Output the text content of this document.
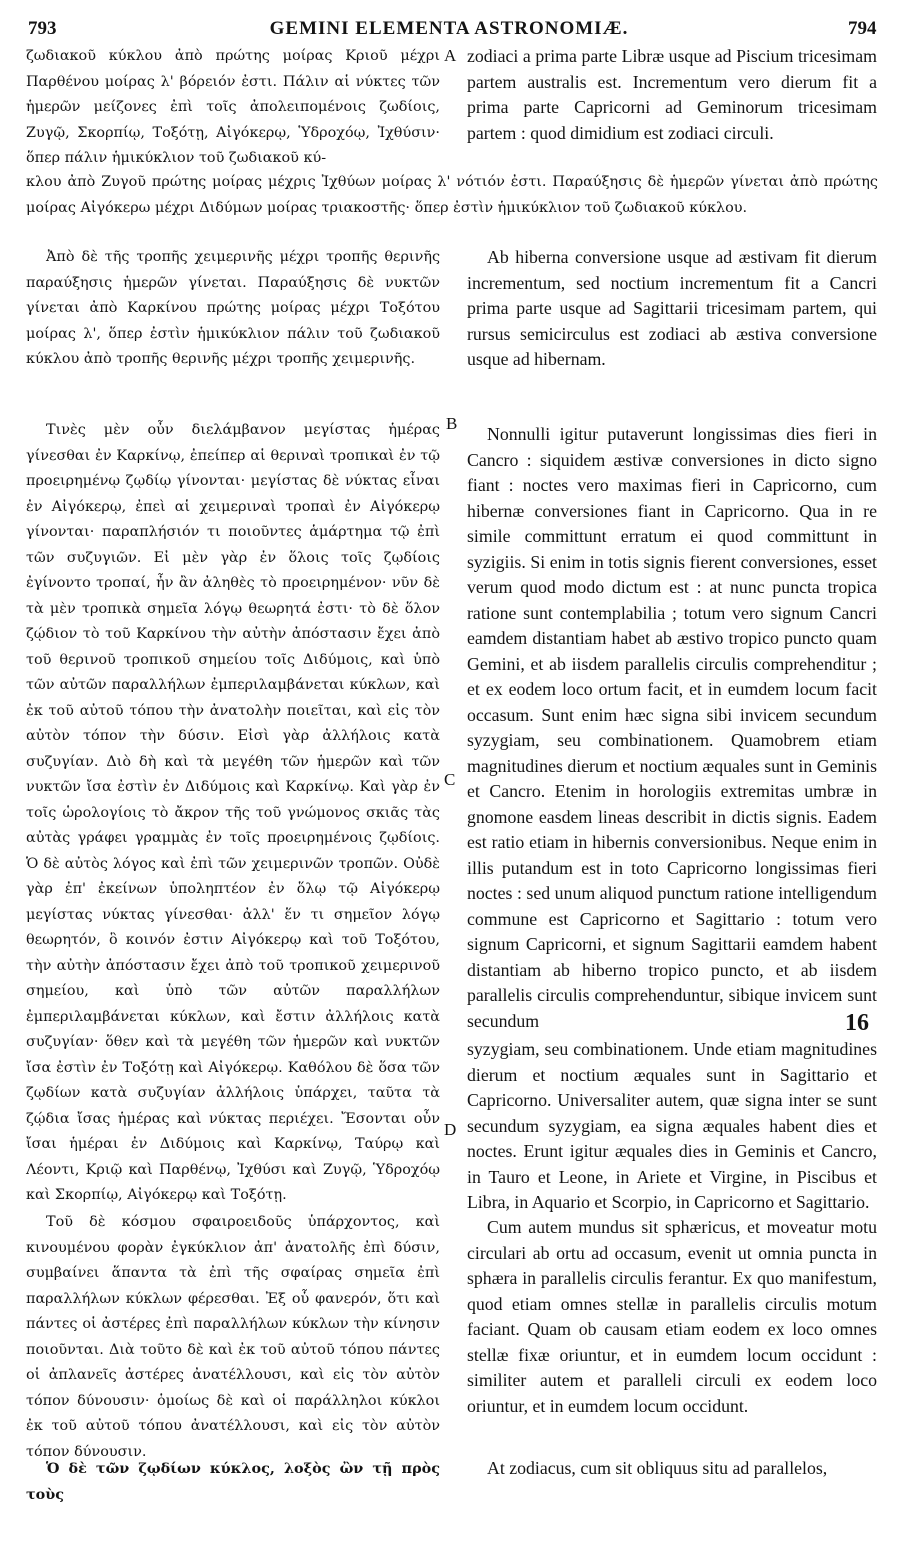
793	GEMINI ELEMENTA ASTRONOMIÆ.	794
ζωδιακοῦ κύκλου ἀπὸ πρώτης μοίρας Κριοῦ μέχρι Παρθένου μοίρας λ' βόρειόν ἐστι. Πάλιν αἱ νύκτες τῶν ἡμερῶν μείζονες ἐπὶ τοῖς ἀπολειπομένοις ζωδίοις, Ζυγῷ, Σκορπίῳ, Τοξότῃ, Αἰγόκερῳ, Ὑδροχόῳ, Ἰχθύσιν· ὅπερ πάλιν ἡμικύκλιον τοῦ ζωδιακοῦ κύ-
A zodiaci a prima parte Libræ usque ad Piscium tricesimam partem australis est. Incrementum vero dierum fit a prima parte Capricorni ad Geminorum tricesimam partem : quod dimidium est zodiaci circuli.
κλου ἀπὸ Ζυγοῦ πρώτης μοίρας μέχρις Ἰχθύων μοίρας λ' νότιόν ἐστι. Παραύξησις δὲ ἡμερῶν γίνεται ἀπὸ πρώτης μοίρας Αἰγόκερω μέχρι Διδύμων μοίρας τριακοστῆς· ὅπερ ἐστὶν ἡμικύκλιον τοῦ ζωδιακοῦ κύκλου.
Ἀπὸ δὲ τῆς τροπῆς χειμερινῆς μέχρι τροπῆς θερινῆς παραύξησις ἡμερῶν γίνεται. Παραύξησις δὲ νυκτῶν γίνεται ἀπὸ Καρκίνου πρώτης μοίρας μέχρι Τοξότου μοίρας λ', ὅπερ ἐστὶν ἡμικύκλιον πάλιν τοῦ ζωδιακοῦ κύκλου ἀπὸ τροπῆς θερινῆς μέχρι τροπῆς χειμερινῆς.
Ab hiberna conversione usque ad æstivam fit dierum incrementum, sed noctium incrementum fit a Cancri prima parte usque ad Sagittarii tricesimam partem, qui rursus semicirculus est zodiaci ab æstiva conversione usque ad hibernam.
Τινὲς μὲν οὖν διελάμβανον μεγίστας ἡμέρας γίνεσθαι ἐν Καρκίνῳ, ἐπείπερ αἱ θεριναὶ τροπικαὶ ἐν τῷ προειρημένῳ ζῳδίῳ γίνονται· μεγίστας δὲ νύκτας εἶναι ἐν Αἰγόκερῳ, ἐπεὶ αἱ χειμεριναὶ τροπαὶ ἐν Αἰγόκερῳ γίνονται· παραπλήσιόν τι ποιοῦντες ἁμάρτημα τῷ ἐπὶ τῶν συζυγιῶν. Εἰ μὲν γὰρ ἐν ὅλοις τοῖς ζῳδίοις ἐγίνοντο τροπαί, ἦν ἂν ἀληθὲς τὸ προειρημένον· νῦν δὲ τὰ μὲν τροπικὰ σημεῖα λόγῳ θεωρητά ἐστι· τὸ δὲ ὅλον ζῴδιον τὸ τοῦ Καρκίνου τὴν αὐτὴν ἀπόστασιν ἔχει ἀπὸ τοῦ θερινοῦ τροπικοῦ σημείου τοῖς Διδύμοις, καὶ ὑπὸ τῶν αὐτῶν παραλλήλων ἐμπεριλαμβάνεται κύκλων, καὶ ἐκ τοῦ αὐτοῦ τόπου τὴν ἀνατολὴν ποιεῖται, καὶ εἰς τὸν αὐτὸν τόπον τὴν δύσιν. Εἰσὶ γὰρ ἀλλήλοις κατὰ συζυγίαν. Διὸ δὴ καὶ τὰ μεγέθη τῶν ἡμερῶν καὶ τῶν νυκτῶν ἴσα ἐστὶν ἐν Διδύμοις καὶ Καρκίνῳ. Καὶ γὰρ ἐν τοῖς ὡρολογίοις τὸ ἄκρον τῆς τοῦ γνώμονος σκιᾶς τὰς αὐτὰς γράφει γραμμὰς ἐν τοῖς προειρημένοις ζῳδίοις. Ὁ δὲ αὐτὸς λόγος καὶ ἐπὶ τῶν χειμερινῶν τροπῶν. Οὐδὲ γὰρ ἐπ' ἐκείνων ὑποληπτέον ἐν ὅλῳ τῷ Αἰγόκερῳ μεγίστας νύκτας γίνεσθαι· ἀλλ' ἕν τι σημεῖον λόγῳ θεωρητόν, ὃ κοινόν ἐστιν Αἰγόκερῳ καὶ τοῦ Τοξότου, τὴν αὐτὴν ἀπόστασιν ἔχει ἀπὸ τοῦ τροπικοῦ χειμερινοῦ σημείου, καὶ ὑπὸ τῶν αὐτῶν παραλλήλων ἐμπεριλαμβάνεται κύκλων, καὶ ἔστιν ἀλλήλοις κατὰ συζυγίαν· ὅθεν καὶ τὰ μεγέθη τῶν ἡμερῶν καὶ νυκτῶν ἴσα ἐστὶν ἐν Τοξότῃ καὶ Αἰγόκερῳ. Καθόλου δὲ ὅσα τῶν ζῳδίων κατὰ συζυγίαν ἀλλήλοις ὑπάρχει, ταῦτα τὰ ζῴδια ἴσας ἡμέρας καὶ νύκτας περιέχει. Ἔσονται οὖν ἴσαι ἡμέραι ἐν Διδύμοις καὶ Καρκίνῳ, Ταύρῳ καὶ Λέοντι, Κριῷ καὶ Παρθένῳ, Ἰχθύσι καὶ Ζυγῷ, Ὑδροχόῳ καὶ Σκορπίῳ, Αἰγόκερῳ καὶ Τοξότῃ.
B
C
D
Nonnulli igitur putaverunt longissimas dies fieri in Cancro : siquidem æstivæ conversiones in dicto signo fiant : noctes vero maximas fieri in Capricorno, cum hibernæ conversiones fiant in Capricorno. Qua in re simile committunt erratum ei quod committunt in syzigiis. Si enim in totis signis fierent conversiones, esset verum quod modo dictum est : at nunc puncta tropica ratione sunt contemplabilia ; totum vero signum Cancri eamdem distantiam habet ab æstivo tropico puncto quam Gemini, et ab iisdem parallelis circulis comprehenditur ; et ex eodem loco ortum facit, et in eumdem locum facit occasum. Sunt enim hæc signa sibi invicem secundum syzygiam, seu combinationem. Quamobrem etiam magnitudines dierum et noctium æquales sunt in Geminis et Cancro. Etenim in horologiis extremitas umbræ in gnomone easdem lineas describit in dictis signis. Eadem est ratio etiam in hibernis conversionibus. Neque enim in illis putandum est in toto Capricorno longissimas fieri noctes : sed unum aliquod punctum ratione intelligendum commune est Capricorno et Sagittario : totum vero signum Capricorni, et signum Sagittarii eamdem habent distantiam ab hiberno tropico puncto, et ab iisdem parallelis circulis comprehenduntur, sibique invicem sunt secundum	16
syzygiam, seu combinationem. Unde etiam magnitudines dierum et noctium æquales sunt in Sagittario et Capricorno. Universaliter autem, quæ signa inter se sunt secundum syzygiam, ea signa æquales habent dies et noctes. Erunt igitur æquales dies in Geminis et Cancro, in Tauro et Leone, in Ariete et Virgine, in Piscibus et Libra, in Aquario et Scorpio, in Capricorno et Sagittario.
Τοῦ δὲ κόσμου σφαιροειδοῦς ὑπάρχοντος, καὶ κινουμένου φορὰν ἐγκύκλιον ἀπ' ἀνατολῆς ἐπὶ δύσιν, συμβαίνει ἅπαντα τὰ ἐπὶ τῆς σφαίρας σημεῖα ἐπὶ παραλλήλων κύκλων φέρεσθαι. Ἐξ οὗ φανερόν, ὅτι καὶ πάντες οἱ ἀστέρες ἐπὶ παραλλήλων κύκλων τὴν κίνησιν ποιοῦνται. Διὰ τοῦτο δὲ καὶ ἐκ τοῦ αὐτοῦ τόπου πάντες οἱ ἀπλανεῖς ἀστέρες ἀνατέλλουσι, καὶ εἰς τὸν αὐτὸν τόπον δύνουσιν· ὁμοίως δὲ καὶ οἱ παράλληλοι κύκλοι ἐκ τοῦ αὐτοῦ τόπου ἀνατέλλουσι, καὶ εἰς τὸν αὐτὸν τόπον δύνουσιν.
Cum autem mundus sit sphæricus, et moveatur motu circulari ab ortu ad occasum, evenit ut omnia puncta in sphæra in parallelis circulis ferantur. Ex quo manifestum, quod etiam omnes stellæ in parallelis circulis motum faciant. Quam ob causam etiam eodem ex loco omnes stellæ fixæ oriuntur, et in eumdem locum occidunt : similiter autem et paralleli circuli ex eodem loco oriuntur, et in eumdem locum occidunt.
Ὁ δὲ τῶν ζῳδίων κύκλος, λοξὸς ὢν τῇ πρὸς τοὺς
At zodiacus, cum sit obliquus situ ad parallelos,
